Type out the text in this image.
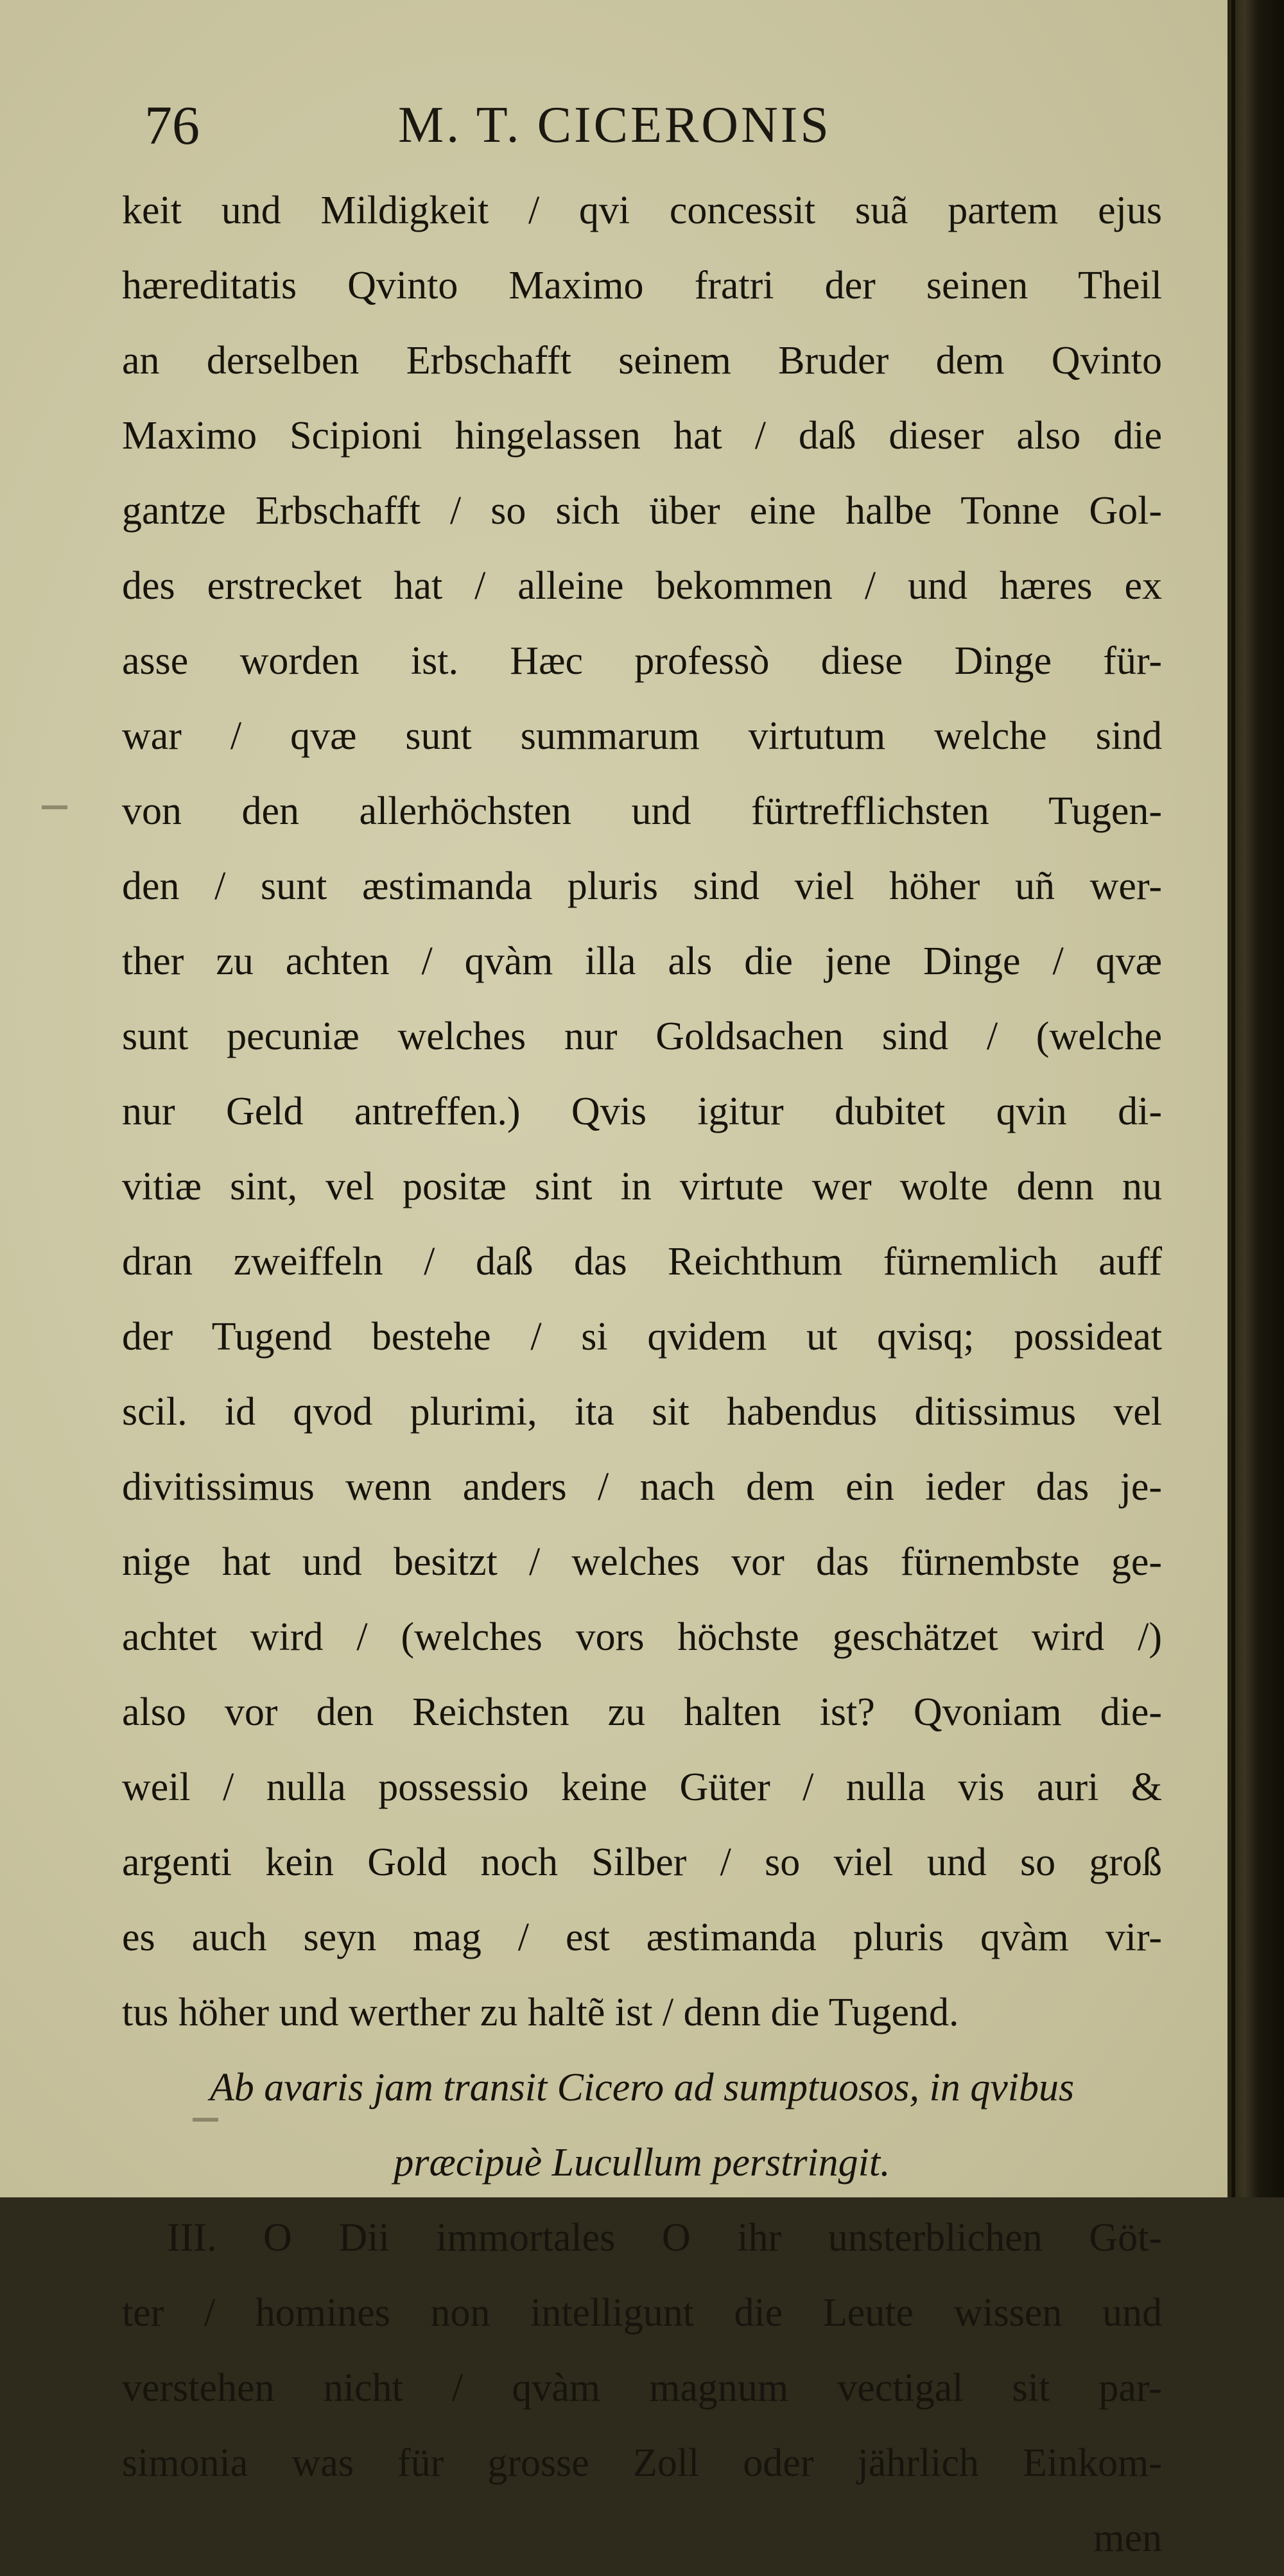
76	M. T. CICERONIS
keit und Mildigkeit / qvi concessit suã partem ejus
hæreditatis Qvinto Maximo fratri der seinen Theil
an derselben Erbschafft seinem Bruder dem Qvinto
Maximo Scipioni hingelassen hat / daß dieser also die
gantze Erbschafft / so sich über eine halbe Tonne Gol-
des erstrecket hat / alleine bekommen / und hæres ex
asse worden ist. Hæc professò diese Dinge für-
war / qvæ sunt summarum virtutum welche sind
von den allerhöchsten und fürtrefflichsten Tugen-
den / sunt æstimanda pluris sind viel höher uñ wer-
ther zu achten / qvàm illa als die jene Dinge / qvæ
sunt pecuniæ welches nur Goldsachen sind / (welche
nur Geld antreffen.) Qvis igitur dubitet qvin di-
vitiæ sint, vel positæ sint in virtute wer wolte denn nu
dran zweiffeln / daß das Reichthum fürnemlich auff
der Tugend bestehe / si qvidem ut qvisq; possideat
scil. id qvod plurimi, ita sit habendus ditissimus vel
divitissimus wenn anders / nach dem ein ieder das je-
nige hat und besitzt / welches vor das fürnembste ge-
achtet wird / (welches vors höchste geschätzet wird /)
also vor den Reichsten zu halten ist? Qvoniam die-
weil / nulla possessio keine Güter / nulla vis auri &
argenti kein Gold noch Silber / so viel und so groß
es auch seyn mag / est æstimanda pluris qvàm vir-
tus höher und werther zu haltẽ ist / denn die Tugend.
Ab avaris jam transit Cicero ad sumptuosos, in qvibus
præcipuè Lucullum perstringit.
III. O Dii immortales O ihr unsterblichen Göt-
ter / homines non intelligunt die Leute wissen und
verstehen nicht / qvàm magnum vectigal sit par-
simonia was für grosse Zoll oder jährlich Einkom-
men
